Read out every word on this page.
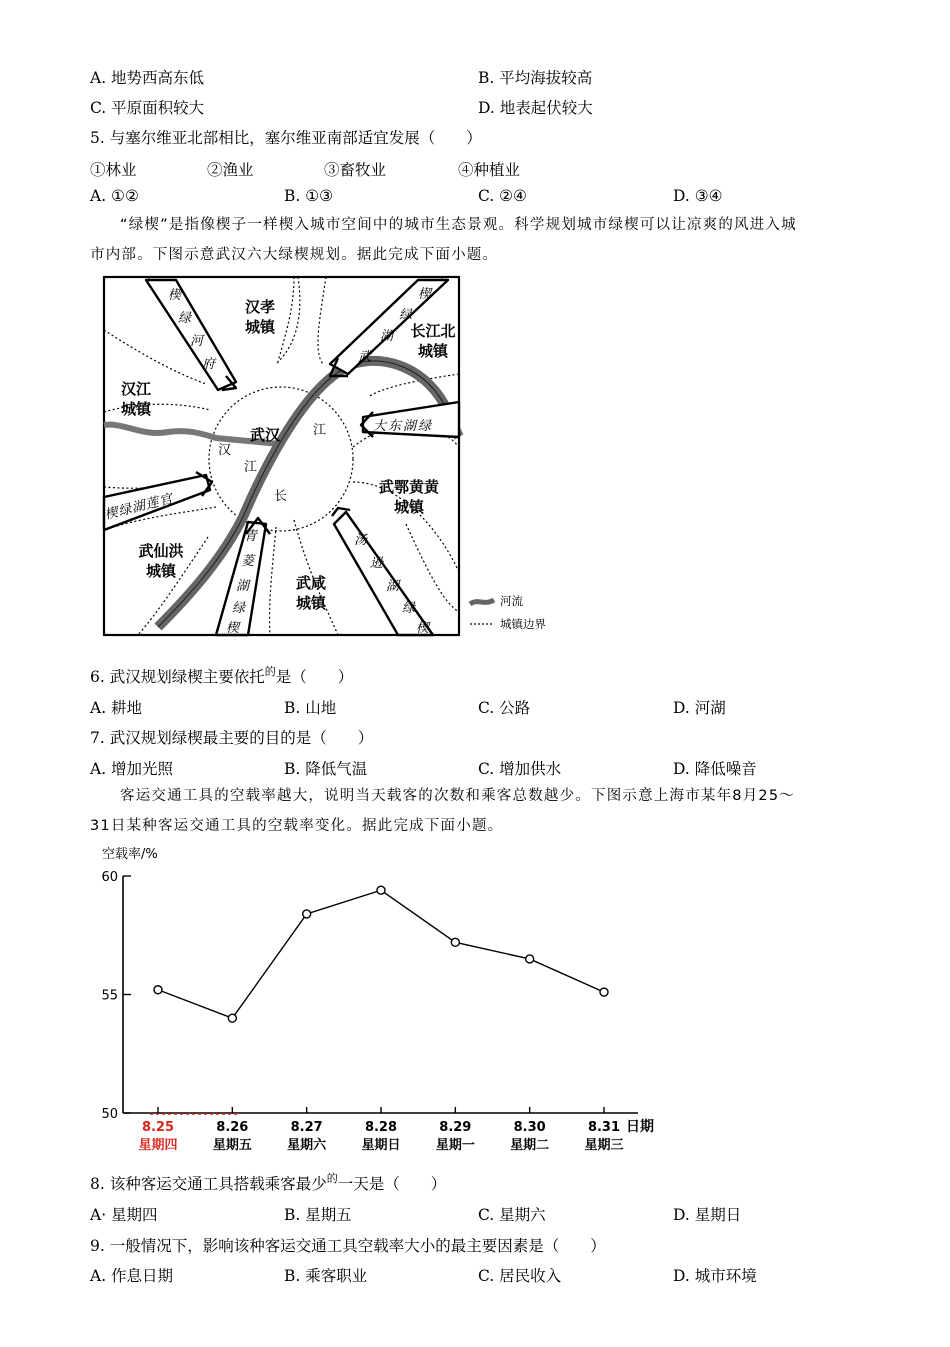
A. 地势西高东低	B. 平均海拔较高
C. 平原面积较大	D. 地表起伏较大
5. 与塞尔维亚北部相比，塞尔维亚南部适宜发展（　　）
①林业	②渔业	③畜牧业	④种植业
A. ①②	B. ①③	C. ②④	D. ③④
“绿楔”是指像楔子一样楔入城市空间中的城市生态景观。科学规划城市绿楔可以让凉爽的风进入城
市内部。下图示意武汉六大绿楔规划。据此完成下面小题。
汉孝
城镇	长江北
城镇
汉江
城镇
武鄂黄黄
城镇
武仙洪
城镇
武咸
城镇
武汉	江
长
汉
江
楔
绿
河
府
楔
绿
湖
武
大东湖绿
楔绿湖莲官
青
菱
湖
绿
楔
汤
逊
湖
绿
楔
河流
城镇边界
6. 武汉规划绿楔主要依托$^的$是（　　）
A. 耕地	B. 山地	C. 公路	D. 河湖
7. 武汉规划绿楔最主要的目的是（　　）
A. 增加光照	B. 降低气温	C. 增加供水	D. 降低噪音
客运交通工具的空载率越大，说明当天载客的次数和乘客总数越少。下图示意上海市某年8月25～
31日某种客运交通工具的空载率变化。据此完成下面小题。
空载率/%
60
55
50
8.25
星期四
8.26
星期五
8.27
星期六
8.28
星期日
8.29
星期一
8.30
星期二
8.31
星期三
日期
8. 该种客运交通工具搭载乘客最少$^的$一天是（　　）
A· 星期四	B. 星期五	C. 星期六	D. 星期日
9. 一般情况下，影响该种客运交通工具空载率大小的最主要因素是（　　）
A. 作息日期	B. 乘客职业	C. 居民收入	D. 城市环境
